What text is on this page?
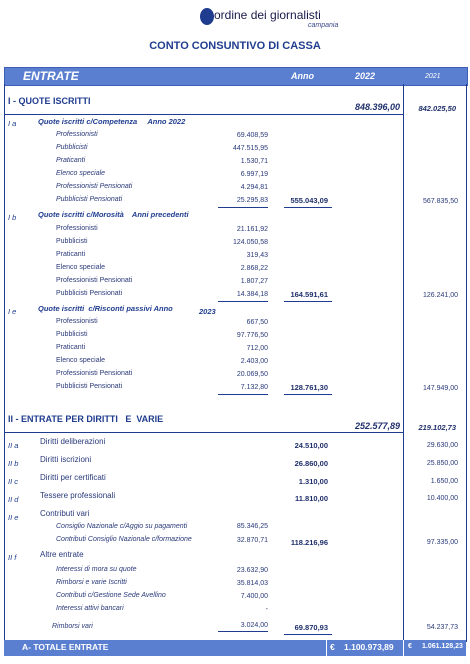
ordine dei giornalisti
campania
CONTO CONSUNTIVO DI CASSA
ENTRATE	Anno	2022	2021
I - QUOTE ISCRITTI
848.396,00	842.025,50
I a	Quote iscritti c/Competenza     Anno 2022
Professionisti	69.408,59
Pubblicisti	447.515,95
Praticanti	1.530,71
Elenco speciale	6.997,19
Professionisti Pensionati	4.294,81
Pubblicisti Pensionati	25.295,83	555.043,09	567.835,50
I b	Quote iscritti c/Morosità    Anni precedenti
Professionisti	21.161,92
Pubblicisti	124.050,58
Praticanti	319,43
Elenco speciale	2.868,22
Professionisti Pensionati	1.807,27
Pubblicisti Pensionati	14.384,18	164.591,61	126.241,00
I e	Quote iscritti  c/Risconti passivi Anno	2023
Professionisti	667,50
Pubblicisti	97.776,50
Praticanti	712,00
Elenco speciale	2.403,00
Professionisti Pensionati	20.069,50
Pubblicisti Pensionati	7.132,80	128.761,30	147.949,00
II - ENTRATE PER DIRITTI   E  VARIE
252.577,89	219.102,73
II a	Diritti deliberazioni	24.510,00	29.630,00
II b	Diritti iscrizioni	26.860,00	25.850,00
II c	Diritti per certificati	1.310,00	1.650,00
II d	Tessere professionali	11.810,00	10.400,00
II e	Contributi vari
Consiglio Nazionale c/Aggio su pagamenti	85.346,25
Contributi Consiglio Nazionale c/formazione	32.870,71	118.216,96	97.335,00
II f	Altre entrate
Interessi di mora su quote	23.632,90
Rimborsi e varie Iscritti	35.814,03
Contributi c/Gestione Sede Avellino	7.400,00
Interessi attivi bancari	-
Rimborsi vari	3.024,00	69.870,93	54.237,73
A- TOTALE ENTRATE	€ 1.100.973,89 € 1.061.128,23
